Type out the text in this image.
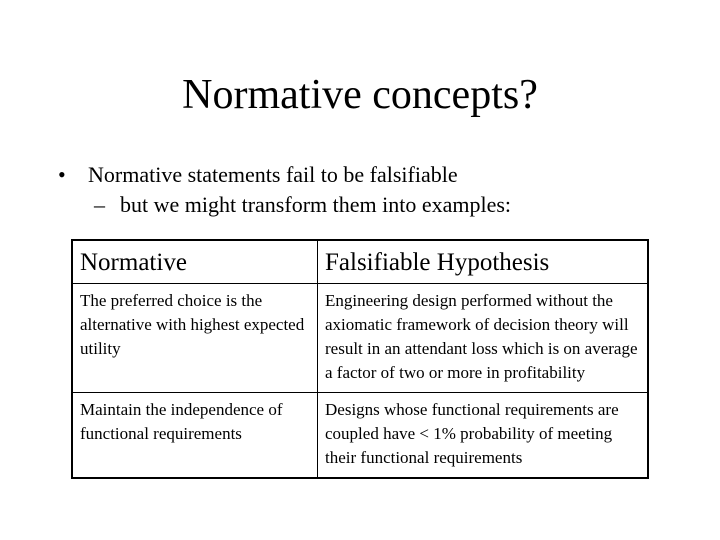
Normative concepts?
• Normative statements fail to be falsifiable
– but we might transform them into examples:
Normative	Falsifiable Hypothesis
The preferred choice is the alternative with highest expected utility	Engineering design performed without the axiomatic framework of decision theory will result in an attendant loss which is on average a factor of two or more in profitability
Maintain the independence of functional requirements	Designs whose functional requirements are coupled have < 1% probability of meeting their functional requirements
